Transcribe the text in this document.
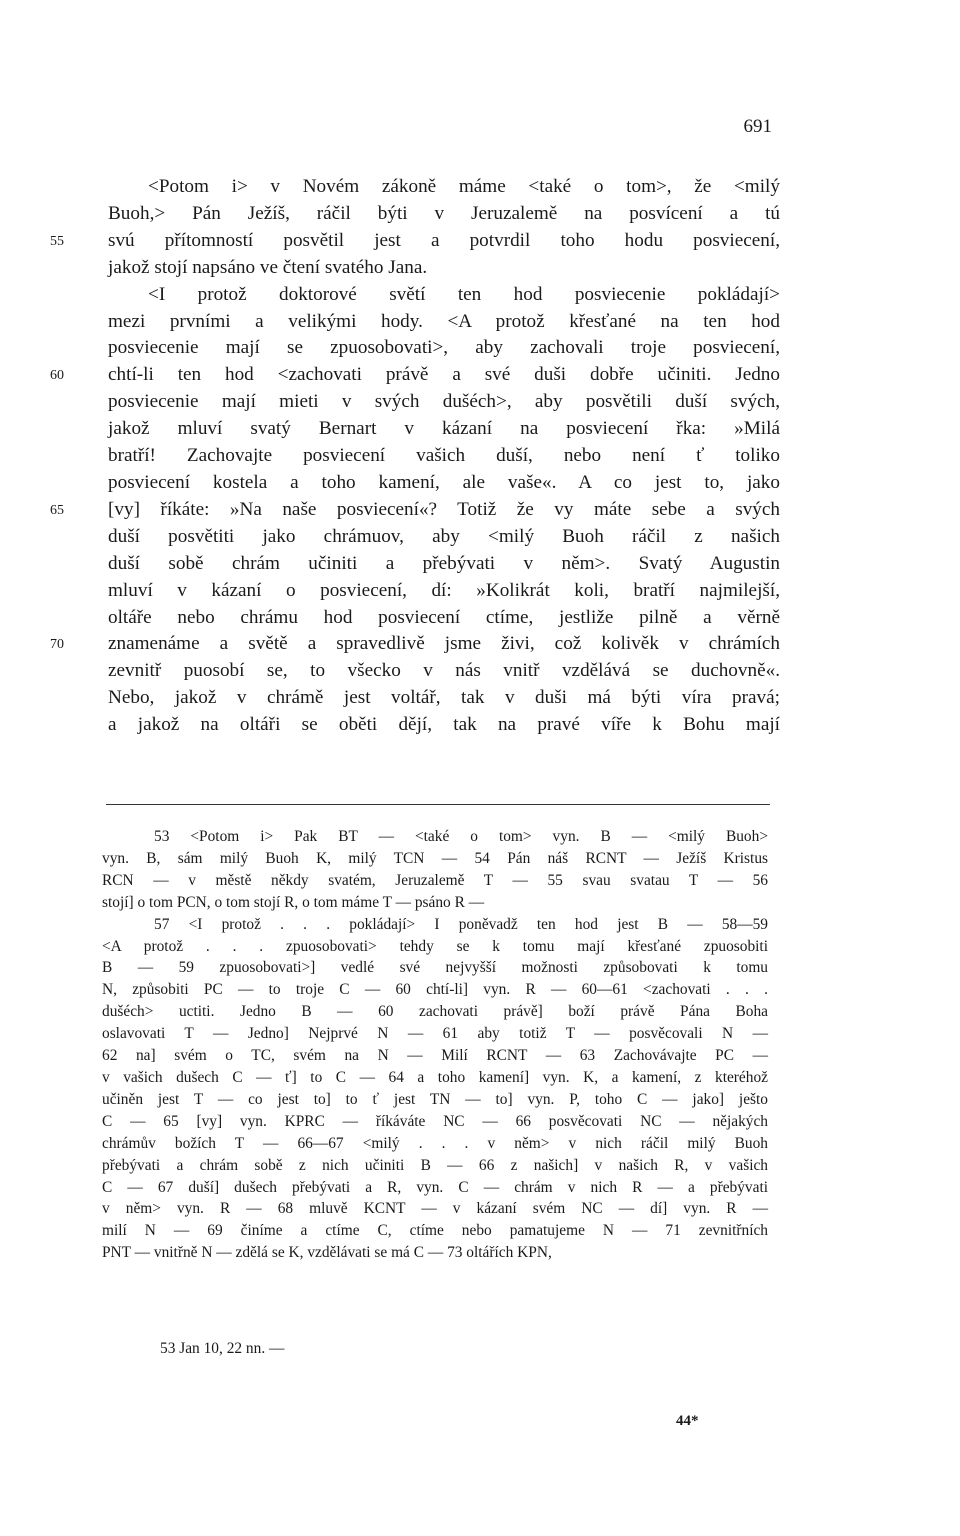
691
<Potom i> v Novém zákoně máme <také o tom>, že <milý
Buoh,> Pán Ježíš, ráčil býti v Jeruzalemě na posvícení a tú
svú přítomností posvětil jest a potvrdil toho hodu posviecení,
55
jakož stojí napsáno ve čtení svatého Jana.
<I protož doktorové světí ten hod posviecenie pokládají>
mezi prvními a velikými hody. <A protož křesťané na ten hod
posviecenie mají se zpuosobovati>, aby zachovali troje posviecení,
chtí-li ten hod <zachovati právě a své duši dobře učiniti. Jedno
60
posviecenie mají mieti v svých dušéch>, aby posvětili duší svých,
jakož mluví svatý Bernart v kázaní na posviecení řka: »Milá
bratří! Zachovajte posviecení vašich duší, nebo není ť toliko
posviecení kostela a toho kamení, ale vaše«. A co jest to, jako
[vy] říkáte: »Na naše posviecení«? Totiž že vy máte sebe a svých
65
duší posvětiti jako chrámuov, aby <milý Buoh ráčil z našich
duší sobě chrám učiniti a přebývati v něm>. Svatý Augustin
mluví v kázaní o posviecení, dí: »Kolikrát koli, bratří najmilejší,
oltáře nebo chrámu hod posviecení ctíme, jestliže pilně a věrně
znamenáme a světě a spravedlivě jsme živi, což kolivěk v chrámích
70
zevnitř puosobí se, to všecko v nás vnitř vzdělává se duchovně«.
Nebo, jakož v chrámě jest voltář, tak v duši má býti víra pravá;
a jakož na oltáři se oběti dějí, tak na pravé víře k Bohu mají
53 <Potom i> Pak BT — <také o tom> vyn. B — <milý Buoh>
vyn. B, sám milý Buoh K, milý TCN — 54 Pán náš RCNT — Ježíš Kristus
RCN — v městě někdy svatém, Jeruzalemě T — 55 svau svatau T — 56
stojí] o tom PCN, o tom stojí R, o tom máme T — psáno R —
57 <I protož . . . pokládají> I poněvadž ten hod jest B — 58—59
<A protož . . . zpuosobovati> tehdy se k tomu mají křesťané zpuosobiti
B — 59 zpuosobovati>] vedlé své nejvyšší možnosti způsobovati k tomu
N, způsobiti PC — to troje C — 60 chtí-li] vyn. R — 60—61 <zachovati . . .
dušéch> uctiti. Jedno B — 60 zachovati právě] boží právě Pána Boha
oslavovati T — Jedno] Nejprvé N — 61 aby totiž T — posvěcovali N —
62 na] svém o TC, svém na N — Milí RCNT — 63 Zachovávajte PC —
v vašich dušech C — ť] to C — 64 a toho kamení] vyn. K, a kamení, z kteréhož
učiněn jest T — co jest to] to ť jest TN — to] vyn. P, toho C — jako] ješto
C — 65 [vy] vyn. KPRC — říkáváte NC — 66 posvěcovati NC — nějakých
chrámův božích T — 66—67 <milý . . . v něm> v nich ráčil milý Buoh
přebývati a chrám sobě z nich učiniti B — 66 z našich] v našich R, v vašich
C — 67 duší] dušech přebývati a R, vyn. C — chrám v nich R — a přebývati
v něm> vyn. R — 68 mluvě KCNT — v kázaní svém NC — dí] vyn. R —
milí N — 69 činíme a ctíme C, ctíme nebo pamatujeme N — 71 zevnitřních
PNT — vnitřně N — zdělá se K, vzdělávati se má C — 73 oltářích KPN,
53 Jan 10, 22 nn. —
44*
